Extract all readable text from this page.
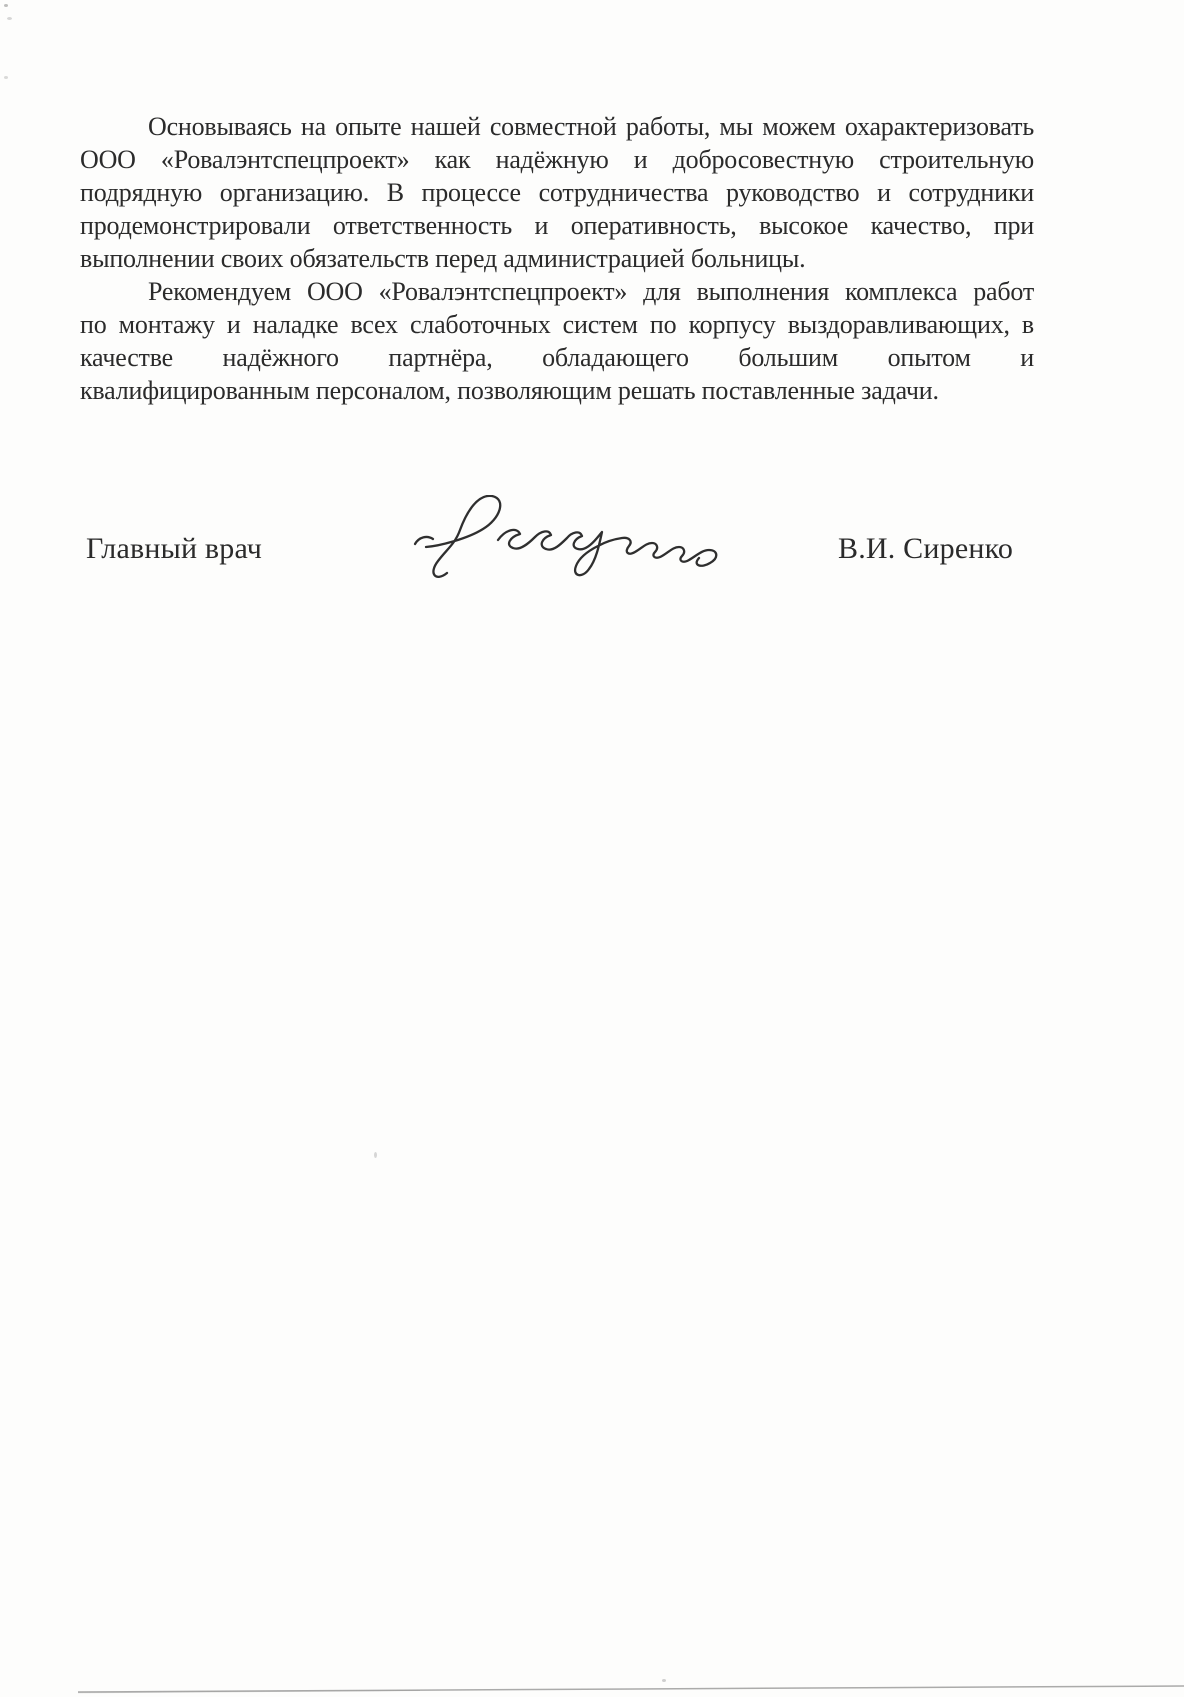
Основываясь на опыте нашей совместной работы, мы можем охарактеризовать
ООО «Ровалэнтспецпроект» как надёжную и добросовестную строительную
подрядную организацию. В процессе сотрудничества руководство и сотрудники
продемонстрировали ответственность и оперативность, высокое качество, при
выполнении своих обязательств перед администрацией больницы.
Рекомендуем ООО «Ровалэнтспецпроект» для выполнения комплекса работ
по монтажу и наладке всех слаботочных систем по корпусу выздоравливающих, в
качестве надёжного партнёра, обладающего большим опытом и
квалифицированным персоналом, позволяющим решать поставленные задачи.
Главный врач	В.И. Сиренко
